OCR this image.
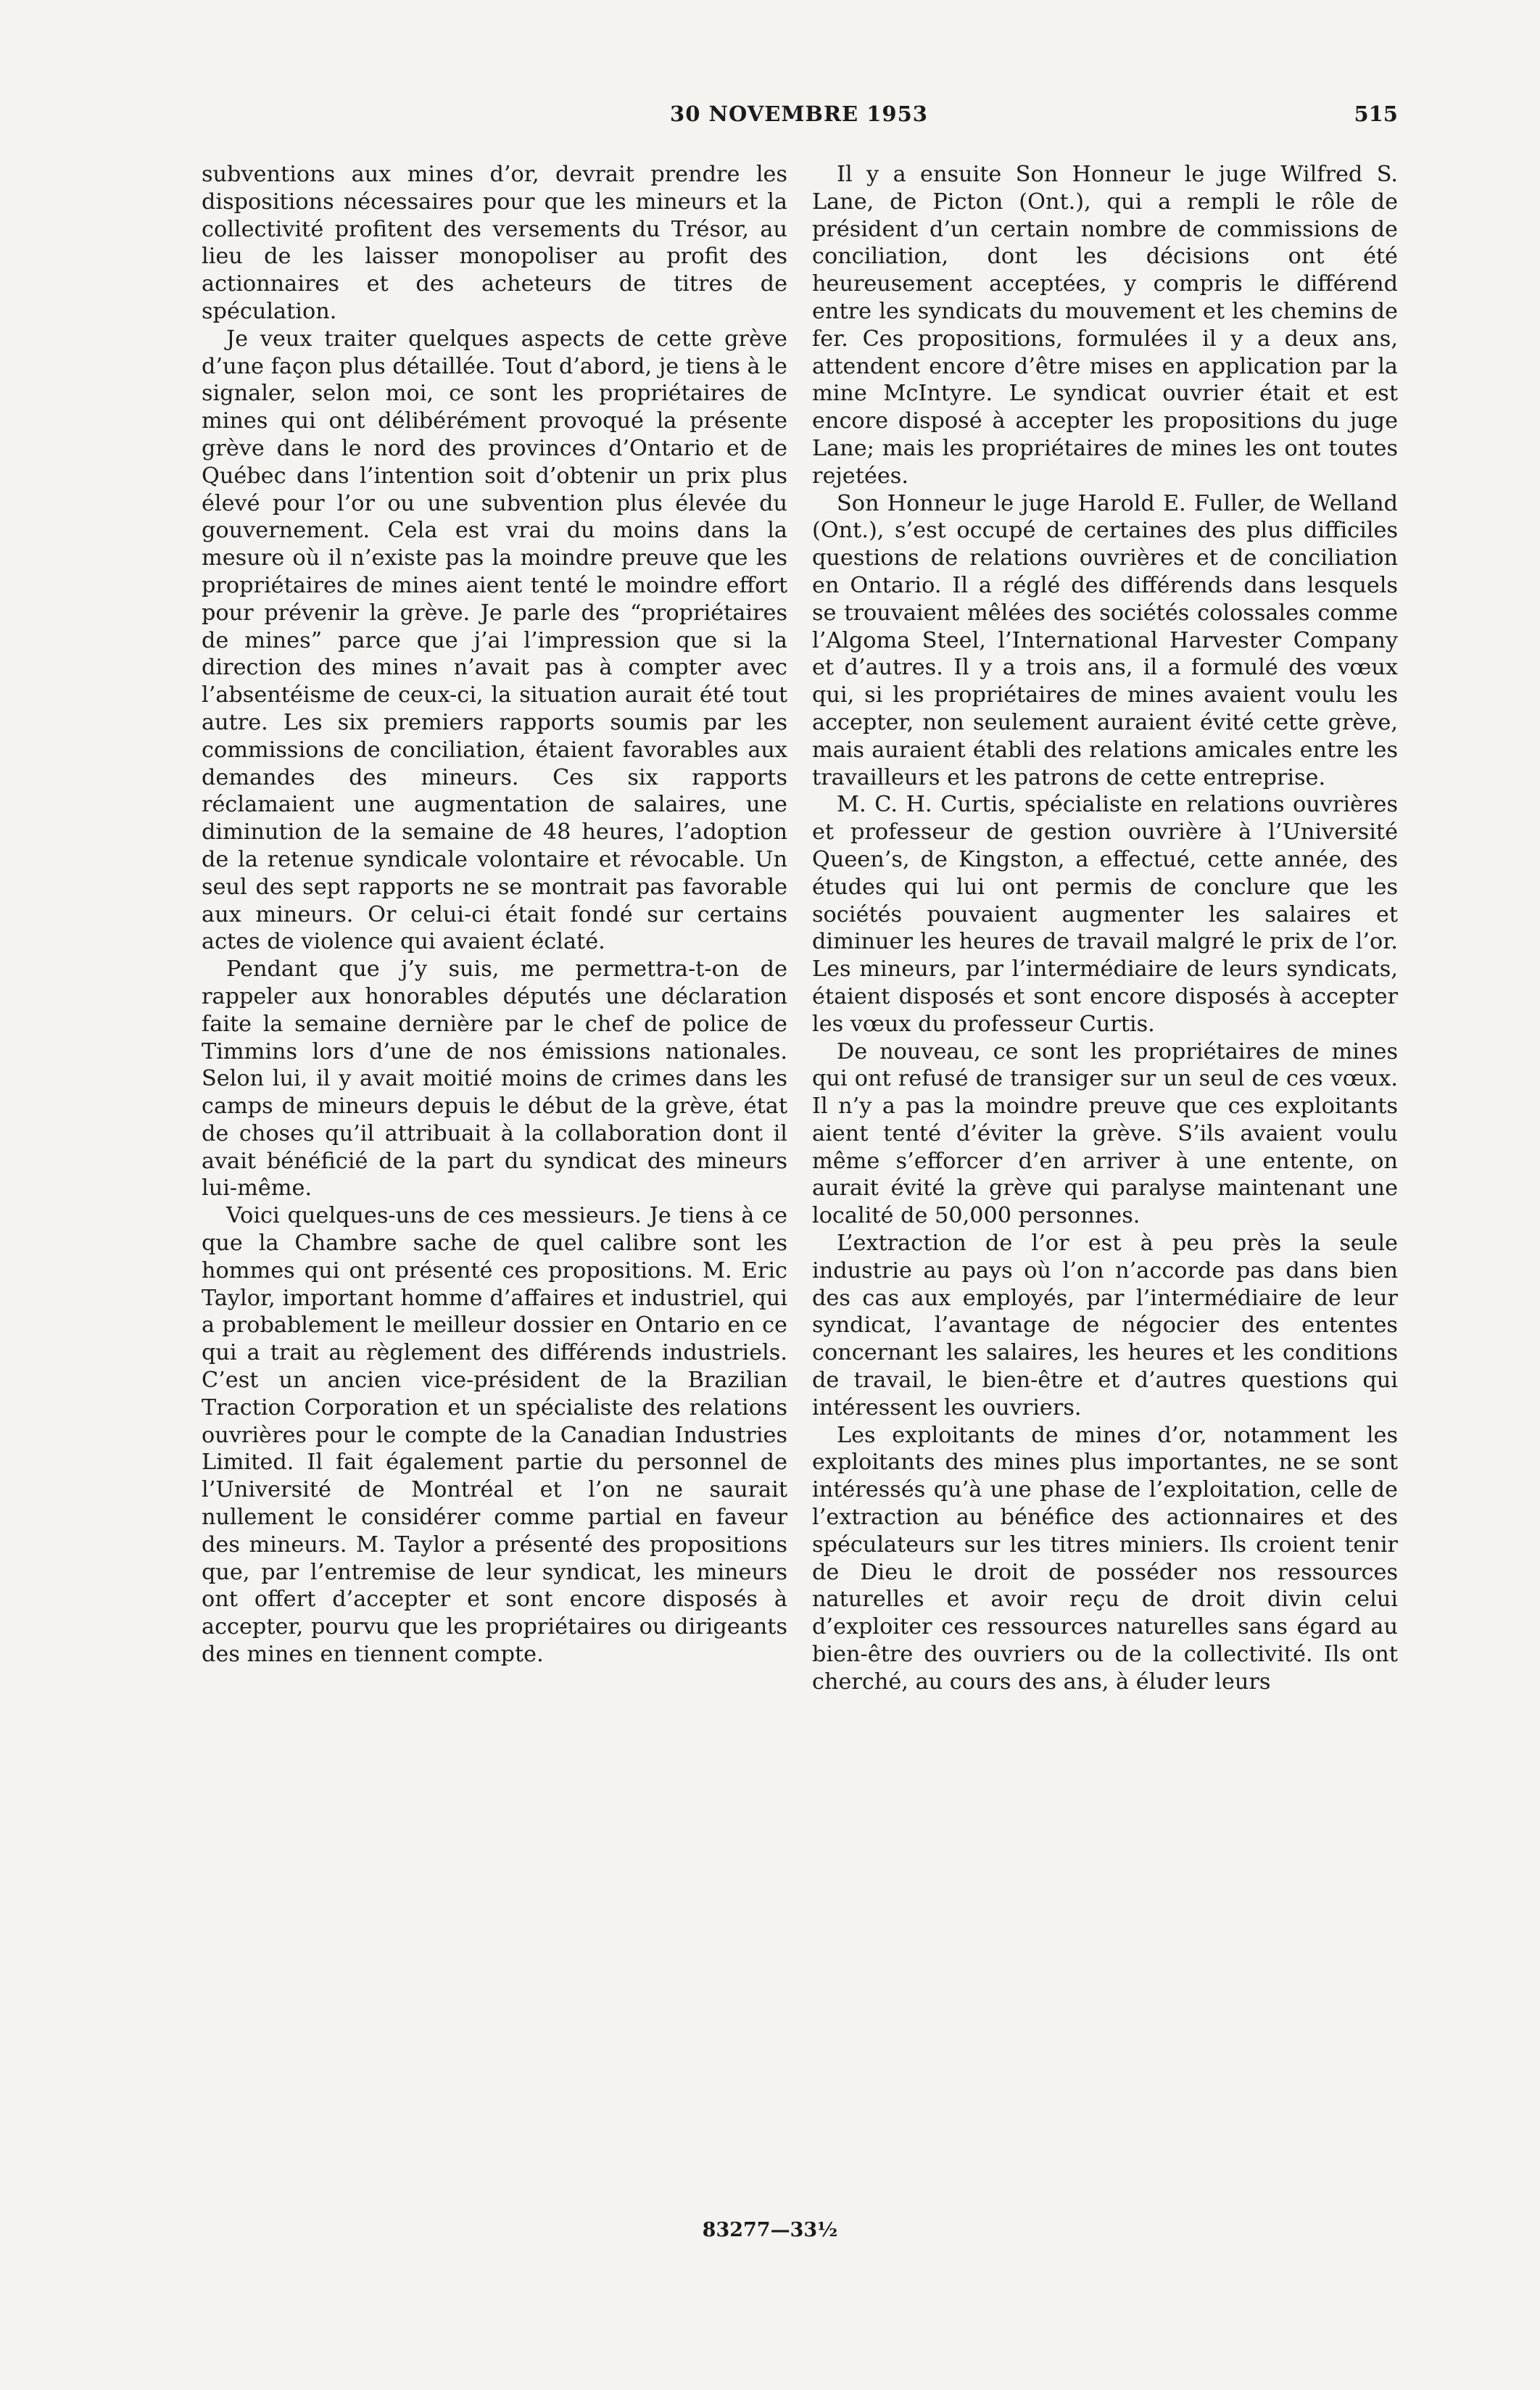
30 NOVEMBRE 1953	515

subventions aux mines d’or, devrait prendre les dispositions nécessaires pour que les mineurs et la collectivité profitent des versements du Trésor, au lieu de les laisser monopoliser au profit des actionnaires et des acheteurs de titres de spéculation.

Je veux traiter quelques aspects de cette grève d’une façon plus détaillée. Tout d’abord, je tiens à le signaler, selon moi, ce sont les propriétaires de mines qui ont délibérément provoqué la présente grève dans le nord des provinces d’Ontario et de Québec dans l’intention soit d’obtenir un prix plus élevé pour l’or ou une subvention plus élevée du gouvernement. Cela est vrai du moins dans la mesure où il n’existe pas la moindre preuve que les propriétaires de mines aient tenté le moindre effort pour prévenir la grève. Je parle des “propriétaires de mines” parce que j’ai l’impression que si la direction des mines n’avait pas à compter avec l’absentéisme de ceux-ci, la situation aurait été tout autre. Les six premiers rapports soumis par les commissions de conciliation, étaient favorables aux demandes des mineurs. Ces six rapports réclamaient une augmentation de salaires, une diminution de la semaine de 48 heures, l’adoption de la retenue syndicale volontaire et révocable. Un seul des sept rapports ne se montrait pas favorable aux mineurs. Or celui-ci était fondé sur certains actes de violence qui avaient éclaté.

Pendant que j’y suis, me permettra-t-on de rappeler aux honorables députés une déclaration faite la semaine dernière par le chef de police de Timmins lors d’une de nos émissions nationales. Selon lui, il y avait moitié moins de crimes dans les camps de mineurs depuis le début de la grève, état de choses qu’il attribuait à la collaboration dont il avait bénéficié de la part du syndicat des mineurs lui-même.

Voici quelques-uns de ces messieurs. Je tiens à ce que la Chambre sache de quel calibre sont les hommes qui ont présenté ces propositions. M. Eric Taylor, important homme d’affaires et industriel, qui a probablement le meilleur dossier en Ontario en ce qui a trait au règlement des différends industriels. C’est un ancien vice-président de la Brazilian Traction Corporation et un spécialiste des relations ouvrières pour le compte de la Canadian Industries Limited. Il fait également partie du personnel de l’Université de Montréal et l’on ne saurait nullement le considérer comme partial en faveur des mineurs. M. Taylor a présenté des propositions que, par l’entremise de leur syndicat, les mineurs ont offert d’accepter et sont encore disposés à accepter, pourvu que les propriétaires ou dirigeants des mines en tiennent compte.

Il y a ensuite Son Honneur le juge Wilfred S. Lane, de Picton (Ont.), qui a rempli le rôle de président d’un certain nombre de commissions de conciliation, dont les décisions ont été heureusement acceptées, y compris le différend entre les syndicats du mouvement et les chemins de fer. Ces propositions, formulées il y a deux ans, attendent encore d’être mises en application par la mine McIntyre. Le syndicat ouvrier était et est encore disposé à accepter les propositions du juge Lane; mais les propriétaires de mines les ont toutes rejetées.

Son Honneur le juge Harold E. Fuller, de Welland (Ont.), s’est occupé de certaines des plus difficiles questions de relations ouvrières et de conciliation en Ontario. Il a réglé des différends dans lesquels se trouvaient mêlées des sociétés colossales comme l’Algoma Steel, l’International Harvester Company et d’autres. Il y a trois ans, il a formulé des vœux qui, si les propriétaires de mines avaient voulu les accepter, non seulement auraient évité cette grève, mais auraient établi des relations amicales entre les travailleurs et les patrons de cette entreprise.

M. C. H. Curtis, spécialiste en relations ouvrières et professeur de gestion ouvrière à l’Université Queen’s, de Kingston, a effectué, cette année, des études qui lui ont permis de conclure que les sociétés pouvaient augmenter les salaires et diminuer les heures de travail malgré le prix de l’or. Les mineurs, par l’intermédiaire de leurs syndicats, étaient disposés et sont encore disposés à accepter les vœux du professeur Curtis.

De nouveau, ce sont les propriétaires de mines qui ont refusé de transiger sur un seul de ces vœux. Il n’y a pas la moindre preuve que ces exploitants aient tenté d’éviter la grève. S’ils avaient voulu même s’efforcer d’en arriver à une entente, on aurait évité la grève qui paralyse maintenant une localité de 50,000 personnes.

L’extraction de l’or est à peu près la seule industrie au pays où l’on n’accorde pas dans bien des cas aux employés, par l’intermédiaire de leur syndicat, l’avantage de négocier des ententes concernant les salaires, les heures et les conditions de travail, le bien-être et d’autres questions qui intéressent les ouvriers.

Les exploitants de mines d’or, notamment les exploitants des mines plus importantes, ne se sont intéressés qu’à une phase de l’exploitation, celle de l’extraction au bénéfice des actionnaires et des spéculateurs sur les titres miniers. Ils croient tenir de Dieu le droit de posséder nos ressources naturelles et avoir reçu de droit divin celui d’exploiter ces ressources naturelles sans égard au bien-être des ouvriers ou de la collectivité. Ils ont cherché, au cours des ans, à éluder leurs

83277—33½
